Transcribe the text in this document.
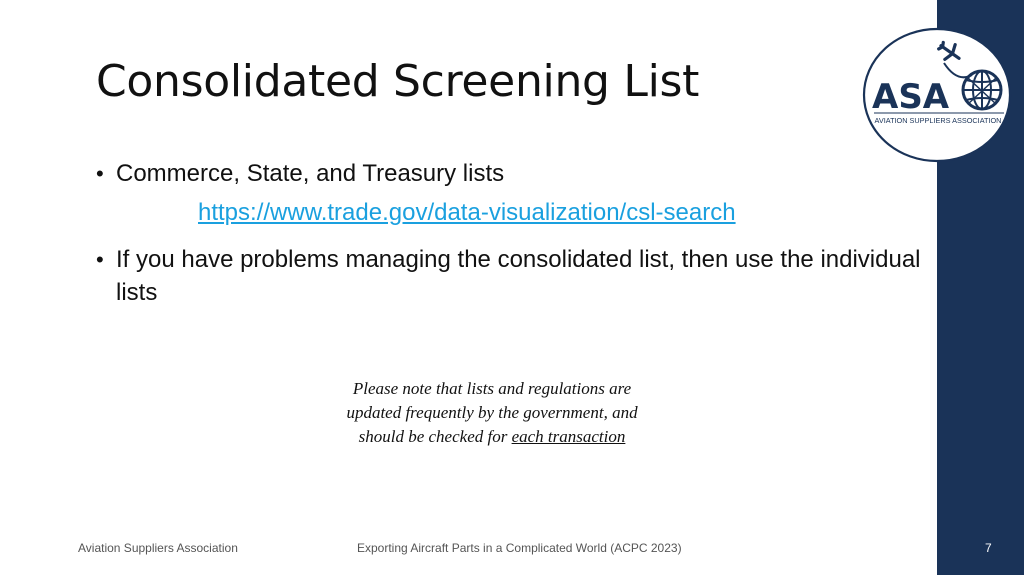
Consolidated Screening List
• Commerce, State, and Treasury lists
https://www.trade.gov/data-visualization/csl-search
• If you have problems managing the consolidated list, then use the individual lists
Please note that lists and regulations are updated frequently by the government, and should be checked for each transaction
ASA
AVIATION SUPPLIERS ASSOCIATION
Aviation Suppliers Association	Exporting Aircraft Parts in a Complicated World (ACPC 2023)	7
